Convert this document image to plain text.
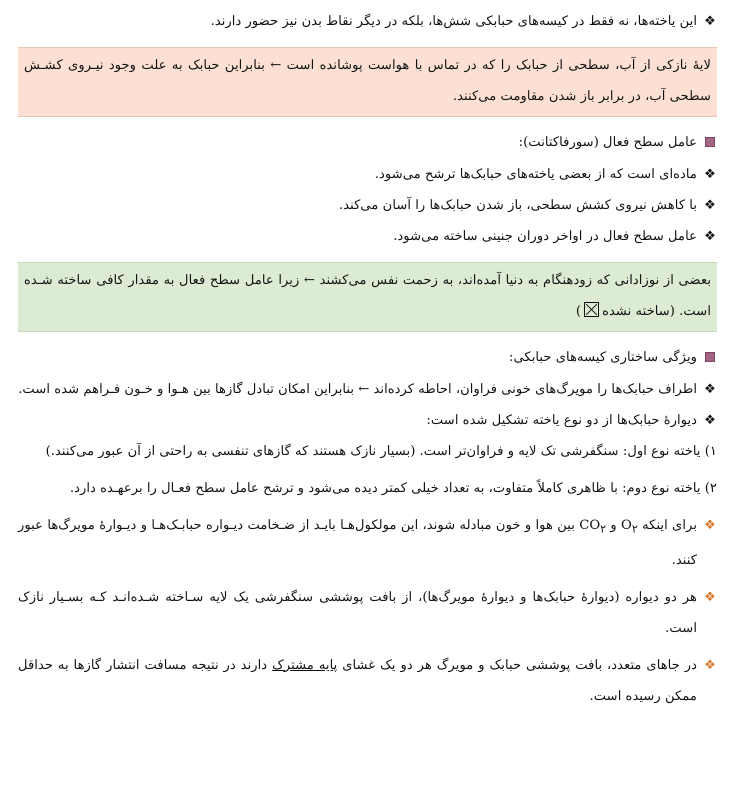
❖
این یاخته‌ها، نه فقط در کیسه‌های حبابکی شش‌ها، بلکه در دیگر نقاط بدن نیز حضور دارند.
لایۀ نازکی از آب، سطحی از حبابک را که در تماس با هواست پوشانده است ← بنابراین حبابک به علت وجود نیـروی کشـش سطحی آب، در برابر باز شدن مقاومت می‌کنند.
عامل سطح فعال (سورفاکتانت):
❖
ماده‌ای است که از بعضی یاخته‌های حبابک‌ها ترشح می‌شود.
❖
با کاهش نیروی کشش سطحی، باز شدن حبابک‌ها را آسان می‌کند.
❖
عامل سطح فعال در اواخر دوران جنینی ساخته می‌شود.
بعضی از نوزادانی که زودهنگام به دنیا آمده‌اند، به زحمت نفس می‌کشند ← زیرا عامل سطح فعال به مقدار کافی ساخته شـده است. (ساخته نشده)
ویژگی ساختاری کیسه‌های حبابکی:
❖
اطراف حبابک‌ها را مویرگ‌های خونی فراوان، احاطه کرده‌اند ← بنابراین امکان تبادل گازها بین هـوا و خـون فـراهم شده است.
❖
دیوارۀ حبابک‌ها از دو نوع یاخته تشکیل شده است:
۱) یاخته نوع اول: سنگفرشی تک لایه و فراوان‌تر است. (بسیار نازک هستند که گازهای تنفسی به راحتی از آن عبور می‌کنند.)
۲) یاخته نوع دوم: با ظاهری کاملاً متفاوت، به تعداد خیلی کمتر دیده می‌شود و ترشح عامل سطح فعـال را برعهـده دارد.
❖
برای اینکه $O_۲$ و $CO_۲$ بین هوا و خون مبادله شوند، این مولکول‌هـا بایـد از ضـخامت دیـواره حبابـک‌هـا و دیـوارۀ مویرگ‌ها عبور کنند.
❖
هر دو دیواره (دیوارۀ حبابک‌ها و دیوارۀ مویرگ‌ها)، از بافت پوششی سنگفرشی یک لایه سـاخته شـده‌انـد کـه بسـیار نازک است.
❖
در جاهای متعدد، بافت پوششی حبابک و مویرگ هر دو یک غشای پایه مشترک دارند در نتیجه مسافت انتشار گازها به حداقل ممکن رسیده است.
